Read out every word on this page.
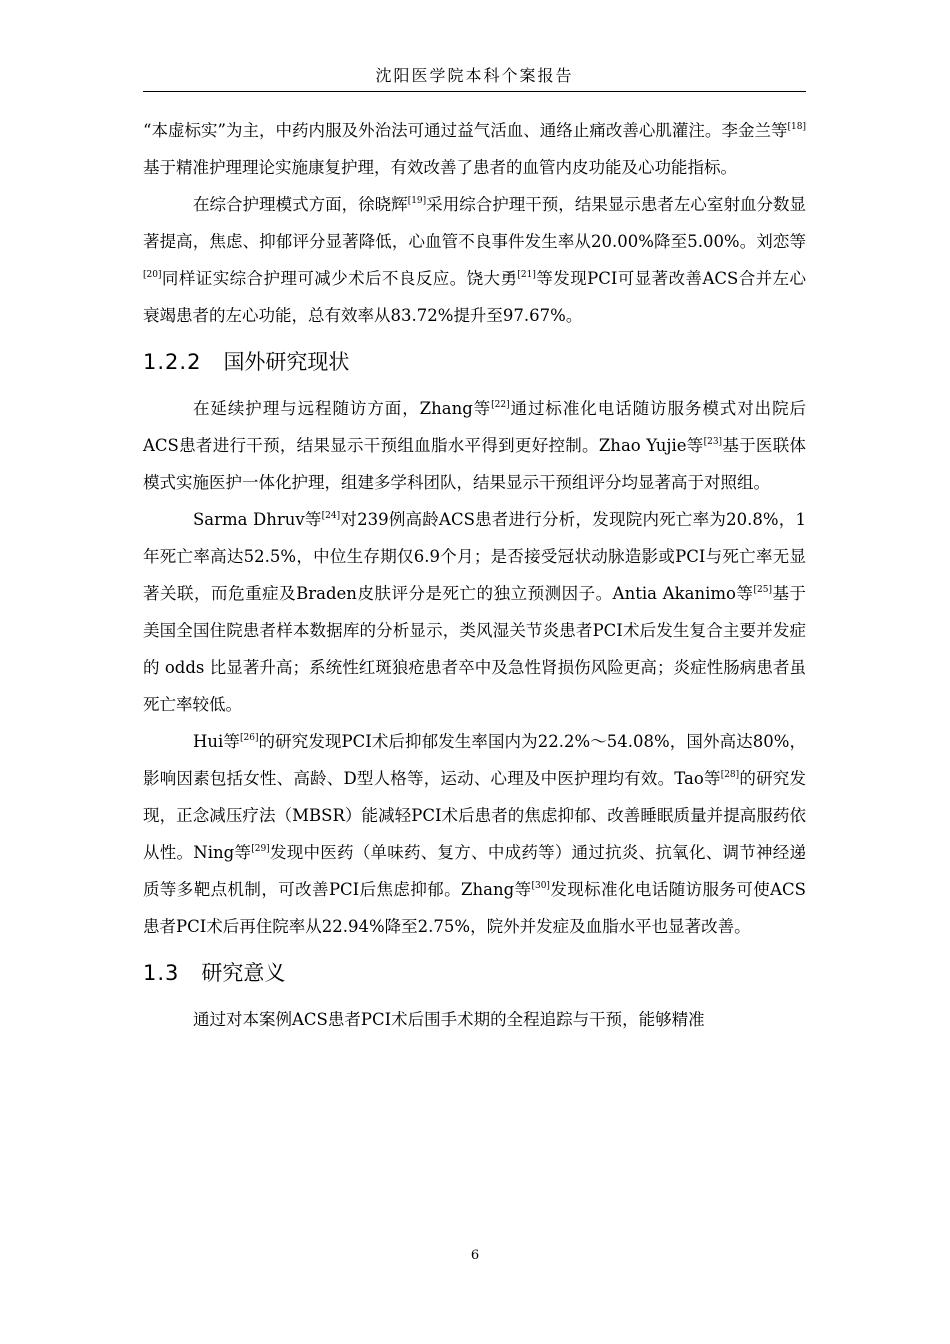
沈阳医学院本科个案报告

“本虚标实”为主，中药内服及外治法可通过益气活血、通络止痛改善心肌灌注。李金兰等[18]基于精准护理理论实施康复护理，有效改善了患者的血管内皮功能及心功能指标。

在综合护理模式方面，徐晓辉[19]采用综合护理干预，结果显示患者左心室射血分数显著提高，焦虑、抑郁评分显著降低，心血管不良事件发生率从20.00%降至5.00%。刘恋等[20]同样证实综合护理可减少术后不良反应。饶大勇[21]等发现PCI可显著改善ACS合并左心衰竭患者的左心功能，总有效率从83.72%提升至97.67%。

1.2.2 国外研究现状

在延续护理与远程随访方面，Zhang等[22]通过标准化电话随访服务模式对出院后ACS患者进行干预，结果显示干预组血脂水平得到更好控制。Zhao Yujie等[23]基于医联体模式实施医护一体化护理，组建多学科团队，结果显示干预组评分均显著高于对照组。

Sarma Dhruv等[24]对239例高龄ACS患者进行分析，发现院内死亡率为20.8%，1年死亡率高达52.5%，中位生存期仅6.9个月；是否接受冠状动脉造影或PCI与死亡率无显著关联，而危重症及Braden皮肤评分是死亡的独立预测因子。Antia Akanimo等[25]基于美国全国住院患者样本数据库的分析显示，类风湿关节炎患者PCI术后发生复合主要并发症的 odds 比显著升高；系统性红斑狼疮患者卒中及急性肾损伤风险更高；炎症性肠病患者虽死亡率较低。

Hui等[26]的研究发现PCI术后抑郁发生率国内为22.2%～54.08%，国外高达80%，影响因素包括女性、高龄、D型人格等，运动、心理及中医护理均有效。Tao等[28]的研究发现，正念减压疗法（MBSR）能减轻PCI术后患者的焦虑抑郁、改善睡眠质量并提高服药依从性。Ning等[29]发现中医药（单味药、复方、中成药等）通过抗炎、抗氧化、调节神经递质等多靶点机制，可改善PCI后焦虑抑郁。Zhang等[30]发现标准化电话随访服务可使ACS患者PCI术后再住院率从22.94%降至2.75%，院外并发症及血脂水平也显著改善。

1.3 研究意义

通过对本案例ACS患者PCI术后围手术期的全程追踪与干预，能够精准

6
